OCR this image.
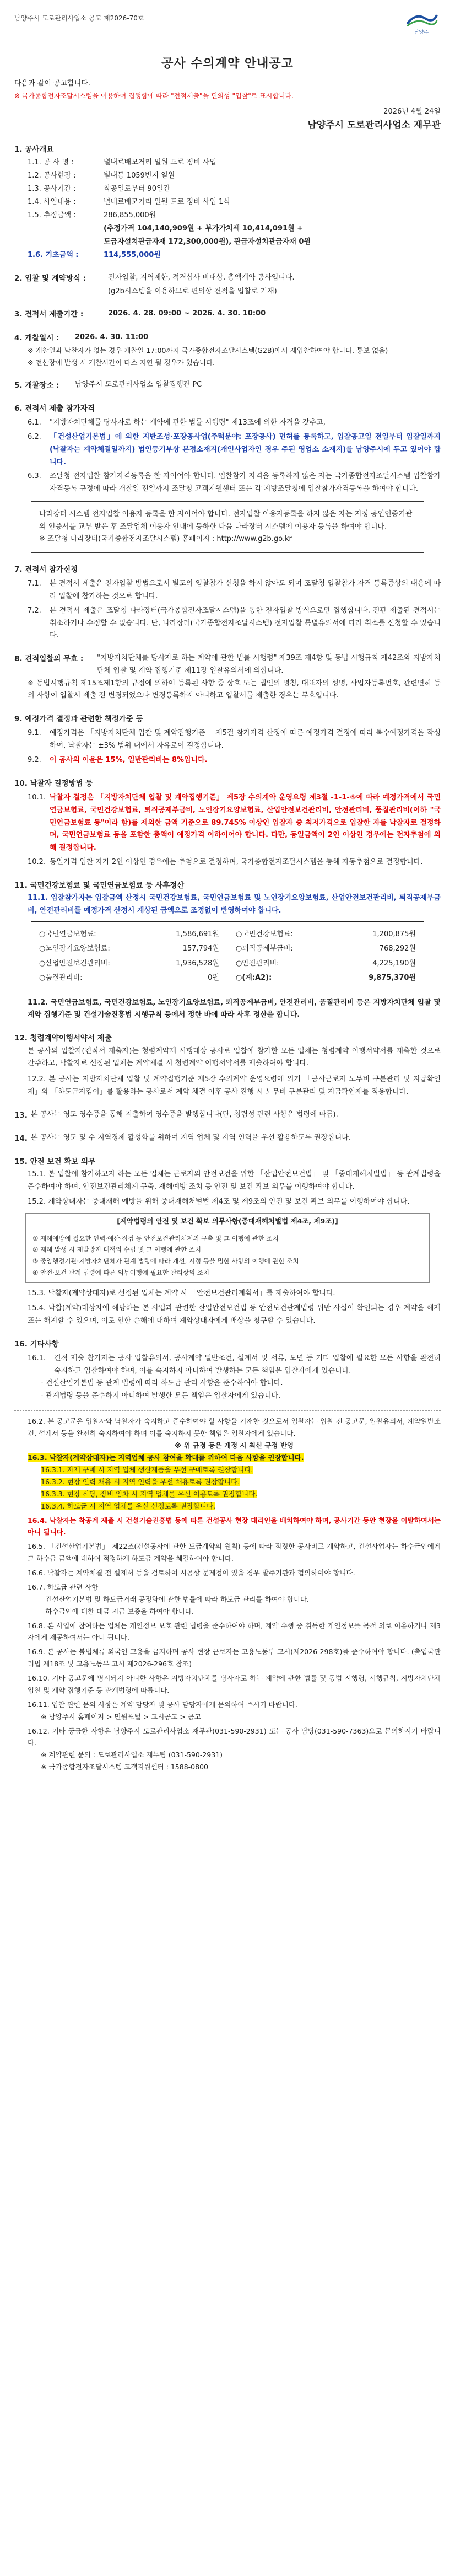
남양주시 도로관리사업소 공고 제2026-70호
남양주
공사 수의계약 안내공고

다음과 같이 공고합니다.

※ 국가종합전자조달시스템을 이용하여 집행함에 따라 "전적제출"을 편의성 "입찰"로 표시합니다.

2026년 4월 24일
남양주시 도로관리사업소 재무관
1. 공사개요
1.1. 공 사 명 :	별내로배모거리 일원 도로 정비 사업
1.2. 공사현장 :	별내동 1059번지 일원
1.3. 공사기간 :	착공일로부터 90일간
1.4. 사업내용 :	별내로배모거리 일원 도로 정비 사업 1식
1.5. 추정금액 :	286,855,000원
(추정가격 104,140,909원 + 부가가치세 10,414,091원 +
도급자설치관급자재 172,300,000원), 관급자설치관급자재 0원
1.6. 기초금액 :	114,555,000원
2. 입찰 및 계약방식 :	전자입찰, 지역제한, 적격심사 비대상, 총액계약 공사입니다.
(g2b시스템을 이용하므로 편의상 견적을 입찰로 기재)
3. 견적서 제출기간 :	2026. 4. 28. 09:00 ~ 2026. 4. 30. 10:00
4. 개찰일시 :	2026. 4. 30. 11:00

※ 개찰일과 낙찰자가 없는 경우 개찰일 17:00까지 국가종합전자조달시스템(G2B)에서 재입찰하여야 합니다. 통보 없음)

※ 전산장애 발생 시 개찰시간이 다소 지연 될 경우가 있습니다.

5. 개찰장소 :	남양주시 도로관리사업소 입찰집행관 PC
6. 견적서 제출 참가자격
6.1.	"지방자치단체를 당사자로 하는 계약에 관한 법률 시행령" 제13조에 의한 자격을 갖추고,
6.2.	「건설산업기본법」에 의한 지반조성·포장공사업(주력분야: 포장공사) 면허를 등록하고, 입찰공고일 전일부터 입찰일까지(낙찰자는 계약체결일까지) 법인등기부상 본점소재지(개인사업자인 경우 주된 영업소 소재지)를 남양주시에 두고 있어야 합니다.
6.3.	조달청 전자입찰 참가자격등록을 한 자이어야 합니다. 입찰참가 자격을 등록하지 않은 자는 국가종합전자조달시스템 입찰참가 자격등록 규정에 따라 개찰일 전일까지 조달청 고객지원센터 또는 각 지방조달청에 입찰참가자격등록을 하여야 합니다.

나라장터 시스템 전자입찰 이용자 등록을 한 자이어야 합니다. 전자입찰 이용자등록을 하지 않은 자는 지정 공인인증기관의 인증서를 교부 받은 후 조달업체 이용자 안내에 등하한 다음 나라장터 시스템에 이용자 등록을 하여야 합니다.

※ 조달청 나라장터(국가종합전자조달시스템) 홈페이지 : http://www.g2b.go.kr

7. 견적서 참가신청
7.1.	본 견적서 제출은 전자입찰 방법으로서 별도의 입찰참가 신청을 하지 않아도 되며 조달청 입찰참가 자격 등록증상의 내용에 따라 입찰에 참가하는 것으로 합니다.
7.2.	본 견적서 제출은 조달청 나라장터(국가종합전자조달시스템)을 통한 전자입찰 방식으로만 집행합니다. 전판 제출된 견적서는 취소하거나 수정할 수 없습니다. 단, 나라장터(국가종합전자조달시스템) 전자입찰 특별유의서에 따라 취소를 신청할 수 있습니다.
8. 견적입찰의 무효 :	"지방자치단체를 당사자로 하는 계약에 관한 법률 시행령" 제39조 제4항 및 동법 시행규칙 제42조와 지방자치단체 입찰 및 계약 집행기준 제11장 입찰유의서에 의합니다.

※ 동법시행규칙 제15조제1항의 규정에 의하여 등록된 사항 중 상호 또는 법인의 명칭, 대표자의 성명, 사업자등록번호, 관련면허 등의 사항이 입찰서 제출 전 변경되었으나 변경등록하지 아니하고 입찰서를 제출한 경우는 무효입니다.

9. 예정가격 결정과 관련한 책정가준 등
9.1.	예정가격은 「지방자치단체 입찰 및 계약집행기준」 제5절 참가자격 산정에 따른 예정가격 결정에 따라 복수예정가격을 작성하여, 낙찰자는 ±3% 범위 내에서 자유로이 결정합니다.
9.2.	이 공사의 이윤은 15%, 일반관리비는 8%입니다.
10. 낙찰자 결정방법 등
10.1. 낙찰자 결정은 「지방자치단체 입찰 및 계약집행기준」 제5장 수의계약 운영요령 제3절 -1-1-⑤에 따라 예정가격에서 국민연금보험료, 국민건강보험료, 퇴직공제부금비, 노인장기요양보험료, 산업안전보건관리비, 안전관리비, 품질관리비(이하 "국민연금보험료 등"이라 함)를 제외한 금액 기준으로 89.745% 이상인 입찰자 중 최저가격으로 입찰한 자를 낙찰자로 결정하며, 국민연금보험료 등을 포함한 총액이 예정가격 이하이어야 합니다. 다만, 동일금액이 2인 이상인 경우에는 전자추첨에 의해 결정합니다.
10.2. 동일가격 입찰 자가 2인 이상인 경우에는 추첨으로 결정하며, 국가종합전자조달시스템을 통해 자동추첨으로 결정합니다.
11. 국민건강보험료 및 국민연금보험료 등 사후정산

11.1. 입찰참가자는 입찰금액 산정시 국민건강보험료, 국민연금보험료 및 노인장기요양보험료, 산업안전보건관리비, 퇴직공제부금비, 안전관리비를 예정가격 산정시 계상된 금액으로 조정없이 반영하여야 합니다.

○국민연금보험료:	1,586,691원 ○국민건강보험료:	1,200,875원
○노인장기요양보험료:	157,794원 ○퇴직공제부금비:	768,292원
○산업안전보건관리비:	1,936,528원 ○안전관리비:	4,225,190원
○품질관리비:	0원 ○(계:A2):	9,875,370원

11.2. 국민연금보험료, 국민건강보험료, 노인장기요양보험료, 퇴직공제부금비, 안전관리비, 품질관리비 등은 지방자치단체 입찰 및 계약 집행기준 및 건설기술진흥법 시행규칙 등에서 정한 바에 따라 사후 정산을 합니다.

12. 청렴계약이행서약서 제출

본 공사의 입찰자(견적서 제출자)는 청렴계약제 시행대상 공사로 입찰에 참가한 모든 업체는 청렴계약 이행서약서를 제출한 것으로 간주하고, 낙찰자로 선정된 업체는 계약체결 시 청렴계약 이행서약서를 제출하여야 합니다.

12.2. 본 공사는 지방자치단체 입찰 및 계약집행기준 제5장 수의계약 운영요령에 의거 「공사근로자 노무비 구분관리 및 지급확인제」와 「하도급지킴이」를 활용하는 공사로서 계약 체결 이후 공사 진행 시 노무비 구분관리 및 지급확인제를 적용합니다.

13. 본 공사는 영도 영수증을 통해 지출하여 영수증을 발행합니다(단, 청렴성 관련 사항은 법령에 따름).
14. 본 공사는 영도 및 수 지역경제 활성화를 위하여 지역 업체 및 지역 인력을 우선 활용하도록 권장합니다.
15. 안전 보건 확보 의무

15.1. 본 입찰에 참가하고자 하는 모든 업체는 근로자의 안전보건을 위한 「산업안전보건법」 및 「중대재해처벌법」 등 관계법령을 준수하여야 하며, 안전보건관리체계 구축, 재해예방 조치 등 안전 및 보건 확보 의무를 이행하여야 합니다.

15.2. 계약상대자는 중대재해 예방을 위해 중대재해처벌법 제4조 및 제9조의 안전 및 보건 확보 의무를 이행하여야 합니다.

[계약법령의 안전 및 보건 확보 의무사항(중대재해처벌법 제4조, 제9조)]
① 재해예방에 필요한 인력·예산·점검 등 안전보건관리체계의 구축 및 그 이행에 관한 조치
② 재해 발생 시 재발방지 대책의 수립 및 그 이행에 관한 조치
③ 중앙행정기관·지방자치단체가 관계 법령에 따라 개선, 시정 등을 명한 사항의 이행에 관한 조치
④ 안전·보건 관계 법령에 따른 의무이행에 필요한 관리상의 조치

15.3. 낙찰자(계약상대자)로 선정된 업체는 계약 시 「안전보건관리계획서」를 제출하여야 합니다.

15.4. 낙찰(계약)대상자에 해당하는 본 사업과 관련한 산업안전보건법 등 안전보건관계법령 위반 사실이 확인되는 경우 계약을 해제 또는 해지할 수 있으며, 이로 인한 손해에 대하여 계약상대자에게 배상을 청구할 수 있습니다.

16. 기타사항
16.1.	견적 제출 참가자는 공사 입찰유의서, 공사계약 일반조건, 설계서 및 서류, 도면 등 기타 입찰에 필요한 모든 사항을 완전히 숙지하고 입찰하여야 하며, 이를 숙지하지 아니하여 발생하는 모든 책임은 입찰자에게 있습니다.

- 건설산업기본법 등 관계 법령에 따라 하도급 관리 사항을 준수하여야 합니다.

- 관계법령 등을 준수하지 아니하여 발생한 모든 책임은 입찰자에게 있습니다.

16.2. 본 공고문은 입찰자와 낙찰자가 숙지하고 준수하여야 할 사항을 기재한 것으로서 입찰자는 입찰 전 공고문, 입찰유의서, 계약일반조건, 설계서 등을 완전히 숙지하여야 하며 이를 숙지하지 못한 책임은 입찰자에게 있습니다.

※ 위 규정 등은 개정 시 최신 규정 반영

16.3. 낙찰자(계약상대자)는 지역업체 공사 참여율 확대를 위하여 다음 사항을 권장합니다.

16.3.1. 자재 구매 시 지역 업체 생산제품을 우선 구매토록 권장합니다.

16.3.2. 현장 인력 채용 시 지역 인력을 우선 채용토록 권장합니다.

16.3.3. 현장 식당, 장비 임차 시 지역 업체를 우선 이용토록 권장합니다.

16.3.4. 하도급 시 지역 업체를 우선 선정토록 권장합니다.

16.4. 낙찰자는 착공계 제출 시 건설기술진흥법 등에 따른 건설공사 현장 대리인을 배치하여야 하며, 공사기간 동안 현장을 이탈하여서는 아니 됩니다.

16.5. 「건설산업기본법」 제22조(건설공사에 관한 도급계약의 원칙) 등에 따라 적정한 공사비로 계약하고, 건설사업자는 하수급인에게 그 하수급 금액에 대하여 적정하게 하도급 계약을 체결하여야 합니다.

16.6. 낙찰자는 계약체결 전 설계서 등을 검토하여 시공상 문제점이 있을 경우 발주기관과 협의하여야 합니다.

16.7. 하도급 관련 사항

- 건설산업기본법 및 하도급거래 공정화에 관한 법률에 따라 하도급 관리를 하여야 합니다.

- 하수급인에 대한 대금 지급 보증을 하여야 합니다.

16.8. 본 사업에 참여하는 업체는 개인정보 보호 관련 법령을 준수하여야 하며, 계약 수행 중 취득한 개인정보를 목적 외로 이용하거나 제3자에게 제공하여서는 아니 됩니다.

16.9. 본 공사는 불법체류 외국인 고용을 금지하며 공사 현장 근로자는 고용노동부 고시(제2026-298호)를 준수하여야 합니다. (출입국관리법 제18조 및 고용노동부 고시 제2026-296호 참조)

16.10. 기타 공고문에 명시되지 아니한 사항은 지방자치단체를 당사자로 하는 계약에 관한 법률 및 동법 시행령, 시행규칙, 지방자치단체 입찰 및 계약 집행기준 등 관계법령에 따릅니다.

16.11. 입찰 관련 문의 사항은 계약 담당자 및 공사 담당자에게 문의하여 주시기 바랍니다.

※ 남양주시 홈페이지 > 민원포털 > 고시공고 > 공고

16.12. 기타 궁금한 사항은 남양주시 도로관리사업소 재무관(031-590-2931) 또는 공사 담당(031-590-7363)으로 문의하시기 바랍니다.

※ 계약관련 문의 : 도로관리사업소 재무팀 (031-590-2931)

※ 국가종합전자조달시스템 고객지원센터 : 1588-0800
